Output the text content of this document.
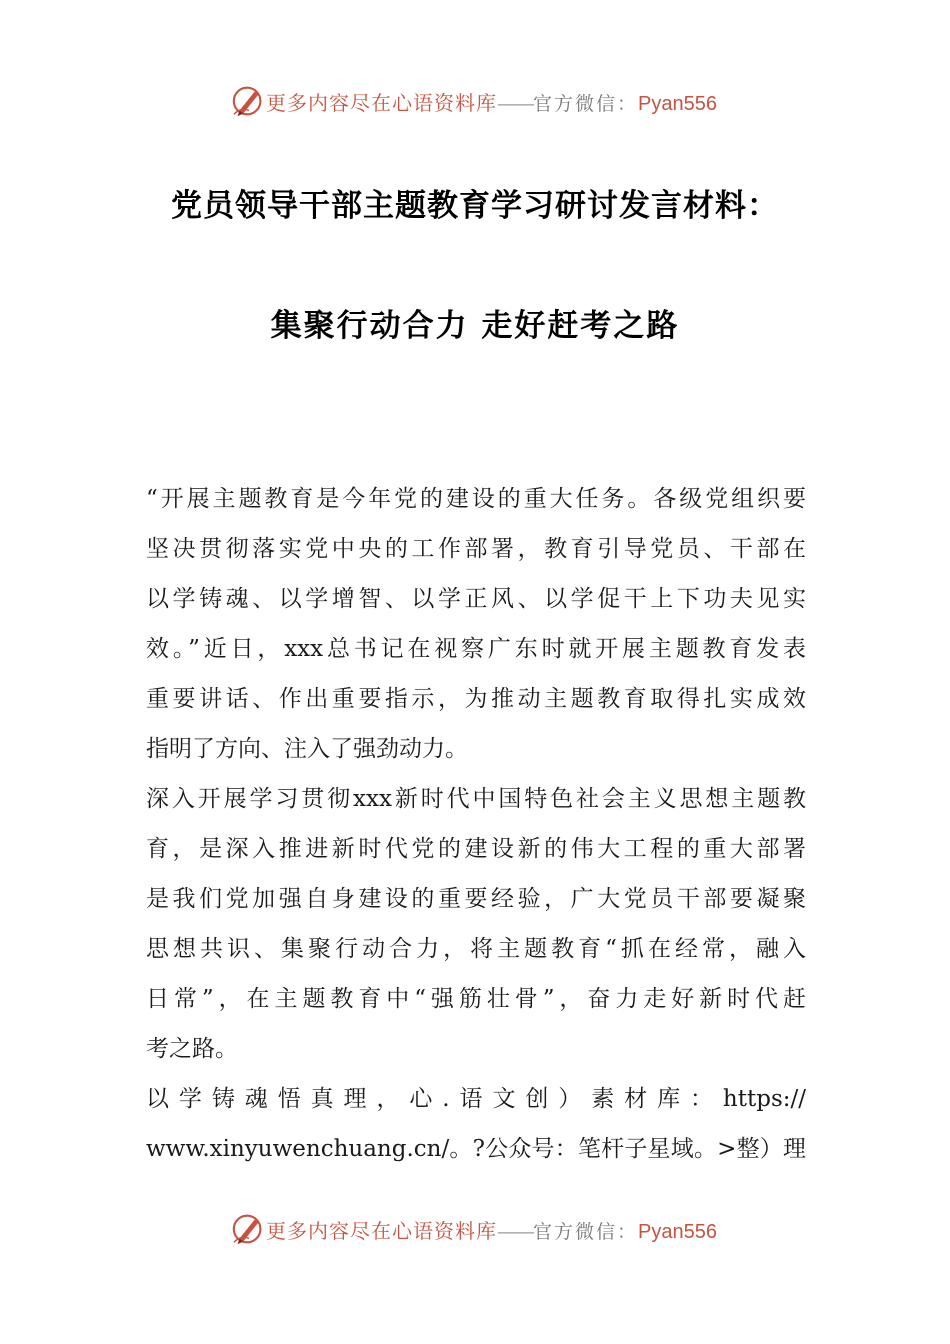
更多内容尽在心语资料库——官方微信：Pyan556
党员领导干部主题教育学习研讨发言材料：
集聚行动合力 走好赶考之路
“开展主题教育是今年党的建设的重大任务。各级党组织要
坚决贯彻落实党中央的工作部署，教育引导党员、干部在
以学铸魂、以学增智、以学正风、以学促干上下功夫见实
效。”近日，xxx总书记在视察广东时就开展主题教育发表
重要讲话、作出重要指示，为推动主题教育取得扎实成效
指明了方向、注入了强劲动力。
深入开展学习贯彻xxx新时代中国特色社会主义思想主题教
育，是深入推进新时代党的建设新的伟大工程的重大部署
是我们党加强自身建设的重要经验，广大党员干部要凝聚
思想共识、集聚行动合力，将主题教育“抓在经常，融入
日常”，在主题教育中“强筋壮骨”，奋力走好新时代赶
考之路。
以学铸魂悟真理，心.语文创）素材库：https://
www.xinyuwenchuang.cn/。?公众号：笔杆子星域。>整）理
更多内容尽在心语资料库——官方微信：Pyan556
